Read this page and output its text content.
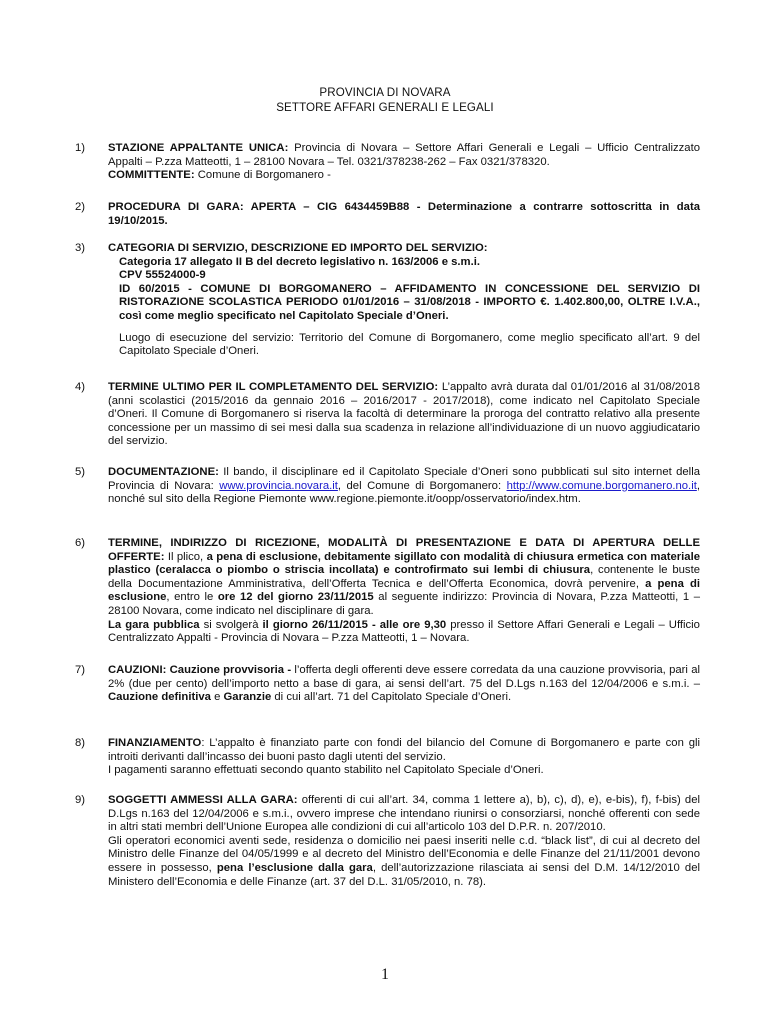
PROVINCIA DI NOVARA
SETTORE AFFARI GENERALI E LEGALI
1)	STAZIONE APPALTANTE UNICA: Provincia di Novara – Settore Affari Generali e Legali – Ufficio Centralizzato Appalti – P.zza Matteotti, 1 – 28100 Novara – Tel. 0321/378238-262 – Fax 0321/378320.

COMMITTENTE: Comune di Borgomanero -

2)	PROCEDURA DI GARA: APERTA – CIG 6434459B88 - Determinazione a contrarre sottoscritta in data 19/10/2015.

3)	CATEGORIA DI SERVIZIO, DESCRIZIONE ED IMPORTO DEL SERVIZIO:

Categoria 17 allegato II B del decreto legislativo n. 163/2006 e s.m.i.

CPV 55524000-9

ID 60/2015 - COMUNE DI BORGOMANERO – AFFIDAMENTO IN CONCESSIONE DEL SERVIZIO DI RISTORAZIONE SCOLASTICA PERIODO 01/01/2016 – 31/08/2018 - IMPORTO €. 1.402.800,00, OLTRE I.V.A., così come meglio specificato nel Capitolato Speciale d’Oneri.

Luogo di esecuzione del servizio: Territorio del Comune di Borgomanero, come meglio specificato all’art. 9 del Capitolato Speciale d’Oneri.

4)	TERMINE ULTIMO PER IL COMPLETAMENTO DEL SERVIZIO: L’appalto avrà durata dal 01/01/2016 al 31/08/2018 (anni scolastici (2015/2016 da gennaio 2016 – 2016/2017 - 2017/2018), come indicato nel Capitolato Speciale d’Oneri. Il Comune di Borgomanero si riserva la facoltà di determinare la proroga del contratto relativo alla presente concessione per un massimo di sei mesi dalla sua scadenza in relazione all’individuazione di un nuovo aggiudicatario del servizio.

5)	DOCUMENTAZIONE: Il bando, il disciplinare ed il Capitolato Speciale d’Oneri sono pubblicati sul sito internet della Provincia di Novara: www.provincia.novara.it, del Comune di Borgomanero: http://www.comune.borgomanero.no.it, nonché sul sito della Regione Piemonte www.regione.piemonte.it/oopp/osservatorio/index.htm.

6)	TERMINE, INDIRIZZO DI RICEZIONE, MODALITÀ DI PRESENTAZIONE E DATA DI APERTURA DELLE OFFERTE: Il plico, a pena di esclusione, debitamente sigillato con modalità di chiusura ermetica con materiale plastico (ceralacca o piombo o striscia incollata) e controfirmato sui lembi di chiusura, contenente le buste della Documentazione Amministrativa, dell’Offerta Tecnica e dell’Offerta Economica, dovrà pervenire, a pena di esclusione, entro le ore 12 del giorno 23/11/2015 al seguente indirizzo: Provincia di Novara, P.zza Matteotti, 1 – 28100 Novara, come indicato nel disciplinare di gara.

La gara pubblica si svolgerà il giorno 26/11/2015 - alle ore 9,30 presso il Settore Affari Generali e Legali – Ufficio Centralizzato Appalti - Provincia di Novara – P.zza Matteotti, 1 – Novara.

7)	CAUZIONI: Cauzione provvisoria - l’offerta degli offerenti deve essere corredata da una cauzione provvisoria, pari al 2% (due per cento) dell’importo netto a base di gara, ai sensi dell’art. 75 del D.Lgs n.163 del 12/04/2006 e s.m.i. – Cauzione definitiva e Garanzie di cui all’art. 71 del Capitolato Speciale d’Oneri.

8)	FINANZIAMENTO: L’appalto è finanziato parte con fondi del bilancio del Comune di Borgomanero e parte con gli introiti derivanti dall’incasso dei buoni pasto dagli utenti del servizio.

I pagamenti saranno effettuati secondo quanto stabilito nel Capitolato Speciale d’Oneri.

9)	SOGGETTI AMMESSI ALLA GARA: offerenti di cui all’art. 34, comma 1 lettere a), b), c), d), e), e-bis), f), f-bis) del D.Lgs n.163 del 12/04/2006 e s.m.i., ovvero imprese che intendano riunirsi o consorziarsi, nonché offerenti con sede in altri stati membri dell’Unione Europea alle condizioni di cui all’articolo 103 del D.P.R. n. 207/2010.

Gli operatori economici aventi sede, residenza o domicilio nei paesi inseriti nelle c.d. “black list”, di cui al decreto del Ministro delle Finanze del 04/05/1999 e al decreto del Ministro dell’Economia e delle Finanze del 21/11/2001 devono essere in possesso, pena l’esclusione dalla gara, dell’autorizzazione rilasciata ai sensi del D.M. 14/12/2010 del Ministero dell’Economia e delle Finanze (art. 37 del D.L. 31/05/2010, n. 78).

1
